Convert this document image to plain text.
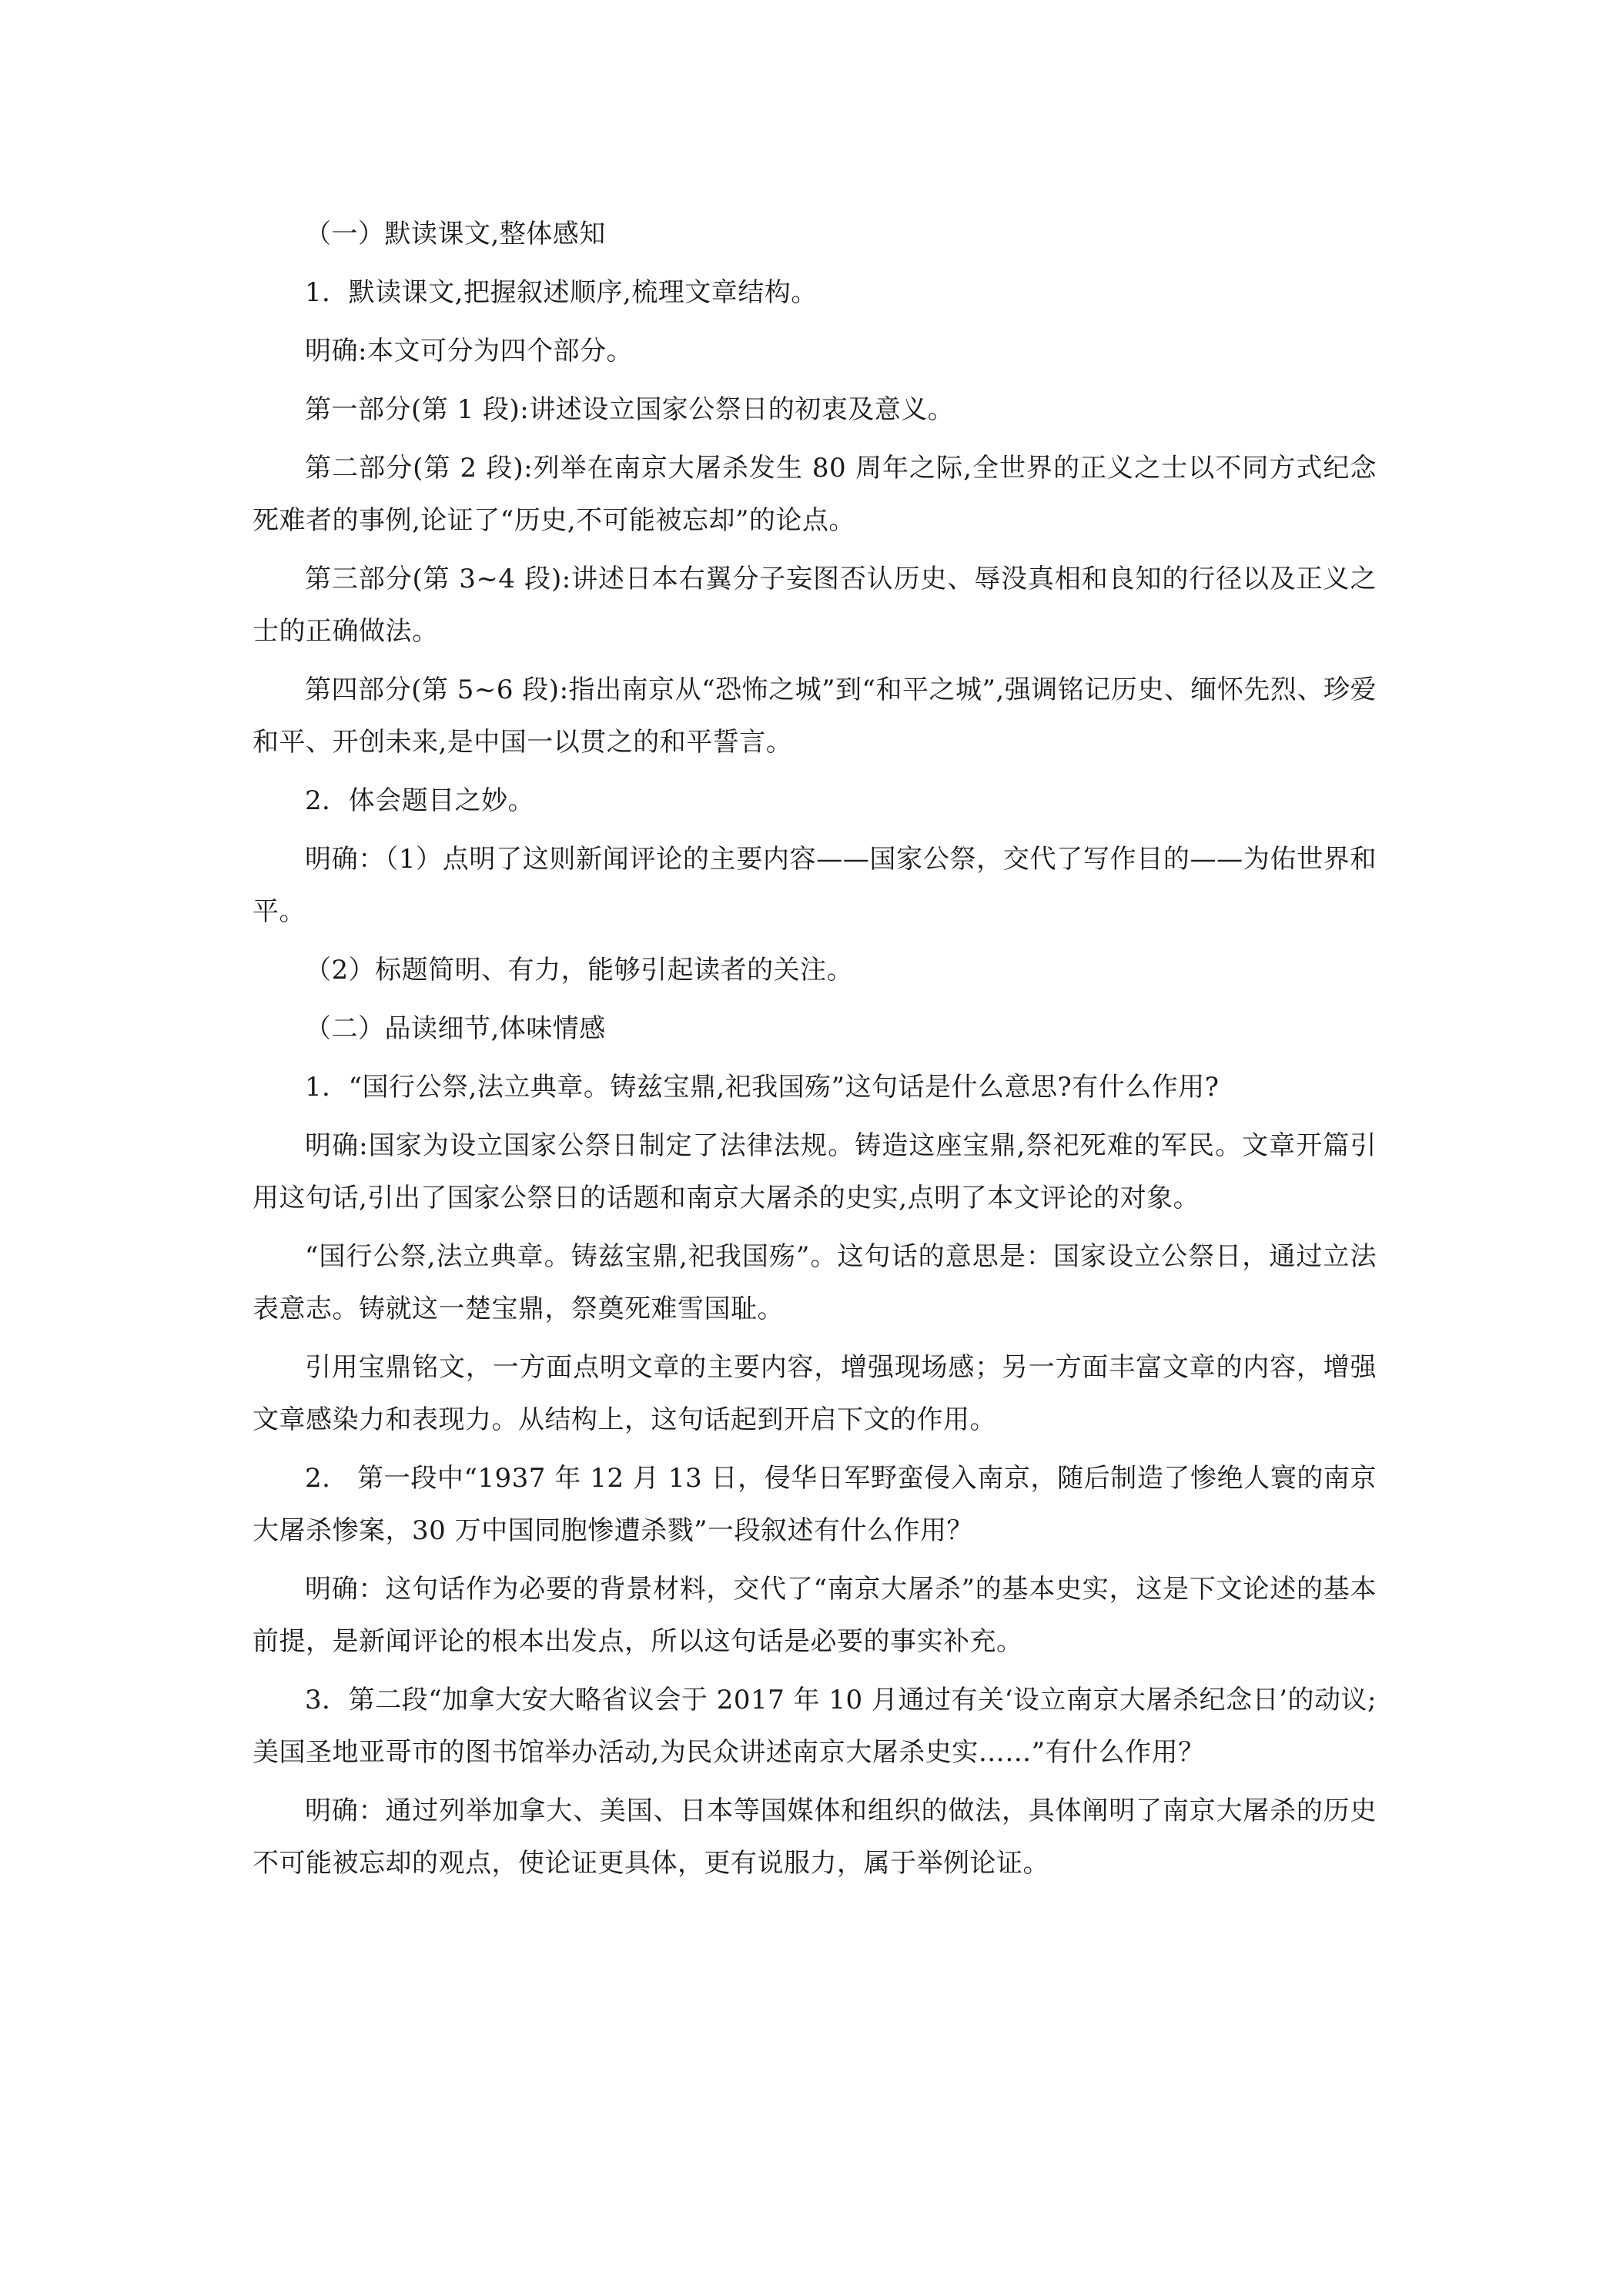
（一）默读课文,整体感知

1．默读课文,把握叙述顺序,梳理文章结构。

明确:本文可分为四个部分。

第一部分(第 1 段):讲述设立国家公祭日的初衷及意义。

第二部分(第 2 段):列举在南京大屠杀发生 80 周年之际,全世界的正义之士以不同方式纪念死难者的事例,论证了“历史,不可能被忘却”的论点。

第三部分(第 3~4 段):讲述日本右翼分子妄图否认历史、辱没真相和良知的行径以及正义之士的正确做法。

第四部分(第 5~6 段):指出南京从“恐怖之城”到“和平之城”,强调铭记历史、缅怀先烈、珍爱和平、开创未来,是中国一以贯之的和平誓言。

2．体会题目之妙。

明确：（1）点明了这则新闻评论的主要内容——国家公祭，交代了写作目的——为佑世界和平。

（2）标题简明、有力，能够引起读者的关注。

（二）品读细节,体味情感

1．“国行公祭,法立典章。铸兹宝鼎,祀我国殇”这句话是什么意思?有什么作用?

明确:国家为设立国家公祭日制定了法律法规。铸造这座宝鼎,祭祀死难的军民。文章开篇引用这句话,引出了国家公祭日的话题和南京大屠杀的史实,点明了本文评论的对象。

“国行公祭,法立典章。铸兹宝鼎,祀我国殇”。这句话的意思是：国家设立公祭日，通过立法表意志。铸就这一楚宝鼎，祭奠死难雪国耻。

引用宝鼎铭文，一方面点明文章的主要内容，增强现场感；另一方面丰富文章的内容，增强文章感染力和表现力。从结构上，这句话起到开启下文的作用。

2． 第一段中“1937 年 12 月 13 日，侵华日军野蛮侵入南京，随后制造了惨绝人寰的南京大屠杀惨案，30 万中国同胞惨遭杀戮”一段叙述有什么作用？

明确：这句话作为必要的背景材料，交代了“南京大屠杀”的基本史实，这是下文论述的基本前提，是新闻评论的根本出发点，所以这句话是必要的事实补充。

3．第二段“加拿大安大略省议会于 2017 年 10 月通过有关‘设立南京大屠杀纪念日’的动议;美国圣地亚哥市的图书馆举办活动,为民众讲述南京大屠杀史实……”有什么作用？

明确：通过列举加拿大、美国、日本等国媒体和组织的做法，具体阐明了南京大屠杀的历史不可能被忘却的观点，使论证更具体，更有说服力，属于举例论证。
